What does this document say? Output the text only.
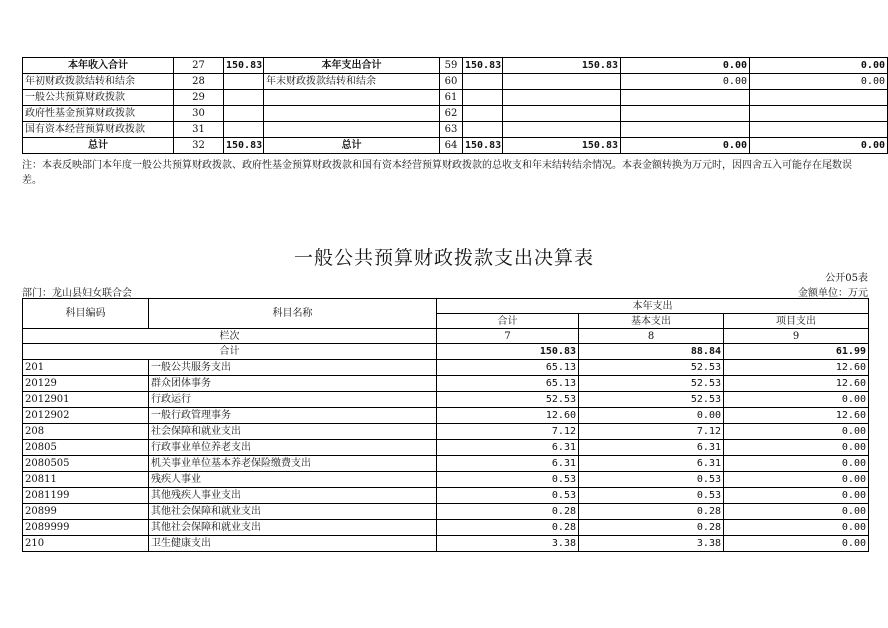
本年收入合计	27	150.83	本年支出合计	59	150.83	150.83	0.00	0.00
年初财政拨款结转和结余	28		年末财政拨款结转和结余	60			0.00	0.00
一般公共预算财政拨款	29			61				
政府性基金预算财政拨款	30			62				
国有资本经营预算财政拨款	31			63				
总计	32	150.83	总计	64	150.83	150.83	0.00	0.00
注：本表反映部门本年度一般公共预算财政拨款、政府性基金预算财政拨款和国有资本经营预算财政拨款的总收支和年末结转结余情况。本表金额转换为万元时，因四舍五入可能存在尾数误差。
一般公共预算财政拨款支出决算表
公开05表
部门：龙山县妇女联合会	金额单位：万元
科目编码	科目名称	本年支出		
		合计	基本支出	项目支出
栏次		7	8	9
合计		150.83	88.84	61.99
201	一般公共服务支出	65.13	52.53	12.60
20129	群众团体事务	65.13	52.53	12.60
2012901	行政运行	52.53	52.53	0.00
2012902	一般行政管理事务	12.60	0.00	12.60
208	社会保障和就业支出	7.12	7.12	0.00
20805	行政事业单位养老支出	6.31	6.31	0.00
2080505	机关事业单位基本养老保险缴费支出	6.31	6.31	0.00
20811	残疾人事业	0.53	0.53	0.00
2081199	其他残疾人事业支出	0.53	0.53	0.00
20899	其他社会保障和就业支出	0.28	0.28	0.00
2089999	其他社会保障和就业支出	0.28	0.28	0.00
210	卫生健康支出	3.38	3.38	0.00
